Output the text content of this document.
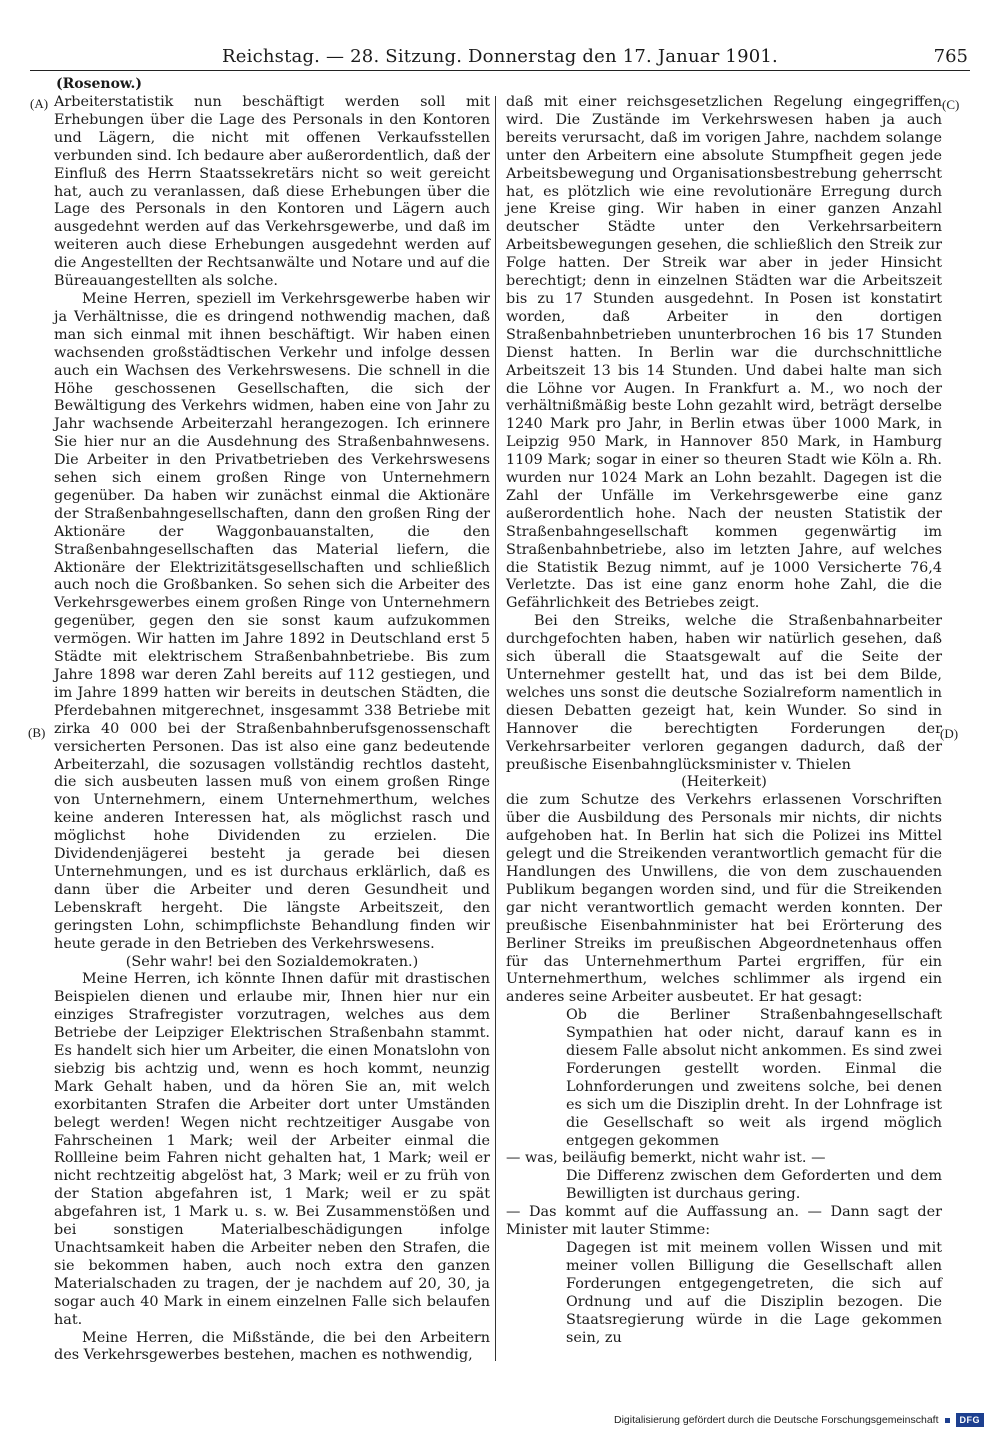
Reichstag. — 28. Sitzung. Donnerstag den 17. Januar 1901.	765
(Rosenow.)
(A)
(B)
(C)
(D)

Arbeiterstatistik nun beschäftigt werden soll mit Erhebungen über die Lage des Personals in den Kontoren und Lägern, die nicht mit offenen Verkaufsstellen verbunden sind. Ich bedaure aber außerordentlich, daß der Einfluß des Herrn Staatssekretärs nicht so weit gereicht hat, auch zu veranlassen, daß diese Erhebungen über die Lage des Personals in den Kontoren und Lägern auch ausgedehnt werden auf das Verkehrsgewerbe, und daß im weiteren auch diese Erhebungen ausgedehnt werden auf die Angestellten der Rechtsanwälte und Notare und auf die Büreauangestellten als solche.

Meine Herren, speziell im Verkehrsgewerbe haben wir ja Verhältnisse, die es dringend nothwendig machen, daß man sich einmal mit ihnen beschäftigt. Wir haben einen wachsenden großstädtischen Verkehr und infolge dessen auch ein Wachsen des Verkehrswesens. Die schnell in die Höhe geschossenen Gesellschaften, die sich der Bewältigung des Verkehrs widmen, haben eine von Jahr zu Jahr wachsende Arbeiterzahl herangezogen. Ich erinnere Sie hier nur an die Ausdehnung des Straßenbahnwesens. Die Arbeiter in den Privatbetrieben des Verkehrswesens sehen sich einem großen Ringe von Unternehmern gegenüber. Da haben wir zunächst einmal die Aktionäre der Straßenbahngesellschaften, dann den großen Ring der Aktionäre der Waggonbauanstalten, die den Straßenbahngesellschaften das Material liefern, die Aktionäre der Elektrizitätsgesellschaften und schließlich auch noch die Großbanken. So sehen sich die Arbeiter des Verkehrsgewerbes einem großen Ringe von Unternehmern gegenüber, gegen den sie sonst kaum aufzukommen vermögen. Wir hatten im Jahre 1892 in Deutschland erst 5 Städte mit elektrischem Straßenbahnbetriebe. Bis zum Jahre 1898 war deren Zahl bereits auf 112 gestiegen, und im Jahre 1899 hatten wir bereits in deutschen Städten, die Pferdebahnen mitgerechnet, insgesammt 338 Betriebe mit zirka 40 000 bei der Straßenbahnberufsgenossenschaft versicherten Personen. Das ist also eine ganz bedeutende Arbeiterzahl, die sozusagen vollständig rechtlos dasteht, die sich ausbeuten lassen muß von einem großen Ringe von Unternehmern, einem Unternehmerthum, welches keine anderen Interessen hat, als möglichst rasch und möglichst hohe Dividenden zu erzielen. Die Dividendenjägerei besteht ja gerade bei diesen Unternehmungen, und es ist durchaus erklärlich, daß es dann über die Arbeiter und deren Gesundheit und Lebenskraft hergeht. Die längste Arbeitszeit, den geringsten Lohn, schimpflichste Behandlung finden wir heute gerade in den Betrieben des Verkehrswesens.

(Sehr wahr! bei den Sozialdemokraten.)

Meine Herren, ich könnte Ihnen dafür mit drastischen Beispielen dienen und erlaube mir, Ihnen hier nur ein einziges Strafregister vorzutragen, welches aus dem Betriebe der Leipziger Elektrischen Straßenbahn stammt. Es handelt sich hier um Arbeiter, die einen Monatslohn von siebzig bis achtzig und, wenn es hoch kommt, neunzig Mark Gehalt haben, und da hören Sie an, mit welch exorbitanten Strafen die Arbeiter dort unter Umständen belegt werden! Wegen nicht rechtzeitiger Ausgabe von Fahrscheinen 1 Mark; weil der Arbeiter einmal die Rollleine beim Fahren nicht gehalten hat, 1 Mark; weil er nicht rechtzeitig abgelöst hat, 3 Mark; weil er zu früh von der Station abgefahren ist, 1 Mark; weil er zu spät abgefahren ist, 1 Mark u. s. w. Bei Zusammenstößen und bei sonstigen Materialbeschädigungen infolge Unachtsamkeit haben die Arbeiter neben den Strafen, die sie bekommen haben, auch noch extra den ganzen Materialschaden zu tragen, der je nachdem auf 20, 30, ja sogar auch 40 Mark in einem einzelnen Falle sich belaufen hat.

Meine Herren, die Mißstände, die bei den Arbeitern des Verkehrsgewerbes bestehen, machen es nothwendig,

daß mit einer reichsgesetzlichen Regelung eingegriffen wird. Die Zustände im Verkehrswesen haben ja auch bereits verursacht, daß im vorigen Jahre, nachdem solange unter den Arbeitern eine absolute Stumpfheit gegen jede Arbeitsbewegung und Organisationsbestrebung geherrscht hat, es plötzlich wie eine revolutionäre Erregung durch jene Kreise ging. Wir haben in einer ganzen Anzahl deutscher Städte unter den Verkehrsarbeitern Arbeitsbewegungen gesehen, die schließlich den Streik zur Folge hatten. Der Streik war aber in jeder Hinsicht berechtigt; denn in einzelnen Städten war die Arbeitszeit bis zu 17 Stunden ausgedehnt. In Posen ist konstatirt worden, daß Arbeiter in den dortigen Straßenbahnbetrieben ununterbrochen 16 bis 17 Stunden Dienst hatten. In Berlin war die durchschnittliche Arbeitszeit 13 bis 14 Stunden. Und dabei halte man sich die Löhne vor Augen. In Frankfurt a. M., wo noch der verhältnißmäßig beste Lohn gezahlt wird, beträgt derselbe 1240 Mark pro Jahr, in Berlin etwas über 1000 Mark, in Leipzig 950 Mark, in Hannover 850 Mark, in Hamburg 1109 Mark; sogar in einer so theuren Stadt wie Köln a. Rh. wurden nur 1024 Mark an Lohn bezahlt. Dagegen ist die Zahl der Unfälle im Verkehrsgewerbe eine ganz außerordentlich hohe. Nach der neusten Statistik der Straßenbahngesellschaft kommen gegenwärtig im Straßenbahnbetriebe, also im letzten Jahre, auf welches die Statistik Bezug nimmt, auf je 1000 Versicherte 76,4 Verletzte. Das ist eine ganz enorm hohe Zahl, die die Gefährlichkeit des Betriebes zeigt.

Bei den Streiks, welche die Straßenbahnarbeiter durchgefochten haben, haben wir natürlich gesehen, daß sich überall die Staatsgewalt auf die Seite der Unternehmer gestellt hat, und das ist bei dem Bilde, welches uns sonst die deutsche Sozialreform namentlich in diesen Debatten gezeigt hat, kein Wunder. So sind in Hannover die berechtigten Forderungen der Verkehrsarbeiter verloren gegangen dadurch, daß der preußische Eisenbahnglücksminister v. Thielen

(Heiterkeit)

die zum Schutze des Verkehrs erlassenen Vorschriften über die Ausbildung des Personals mir nichts, dir nichts aufgehoben hat. In Berlin hat sich die Polizei ins Mittel gelegt und die Streikenden verantwortlich gemacht für die Handlungen des Unwillens, die von dem zuschauenden Publikum begangen worden sind, und für die Streikenden gar nicht verantwortlich gemacht werden konnten. Der preußische Eisenbahnminister hat bei Erörterung des Berliner Streiks im preußischen Abgeordnetenhaus offen für das Unternehmerthum Partei ergriffen, für ein Unternehmerthum, welches schlimmer als irgend ein anderes seine Arbeiter ausbeutet. Er hat gesagt:

Ob die Berliner Straßenbahngesellschaft Sympathien hat oder nicht, darauf kann es in diesem Falle absolut nicht ankommen. Es sind zwei Forderungen gestellt worden. Einmal die Lohnforderungen und zweitens solche, bei denen es sich um die Disziplin dreht. In der Lohnfrage ist die Gesellschaft so weit als irgend möglich entgegen gekommen

— was, beiläufig bemerkt, nicht wahr ist. —

Die Differenz zwischen dem Geforderten und dem Bewilligten ist durchaus gering.

— Das kommt auf die Auffassung an. — Dann sagt der Minister mit lauter Stimme:

Dagegen ist mit meinem vollen Wissen und mit meiner vollen Billigung die Gesellschaft allen Forderungen entgegengetreten, die sich auf Ordnung und auf die Disziplin bezogen. Die Staatsregierung würde in die Lage gekommen sein, zu

Digitalisierung gefördert durch die Deutsche Forschungsgemeinschaft	DFG
